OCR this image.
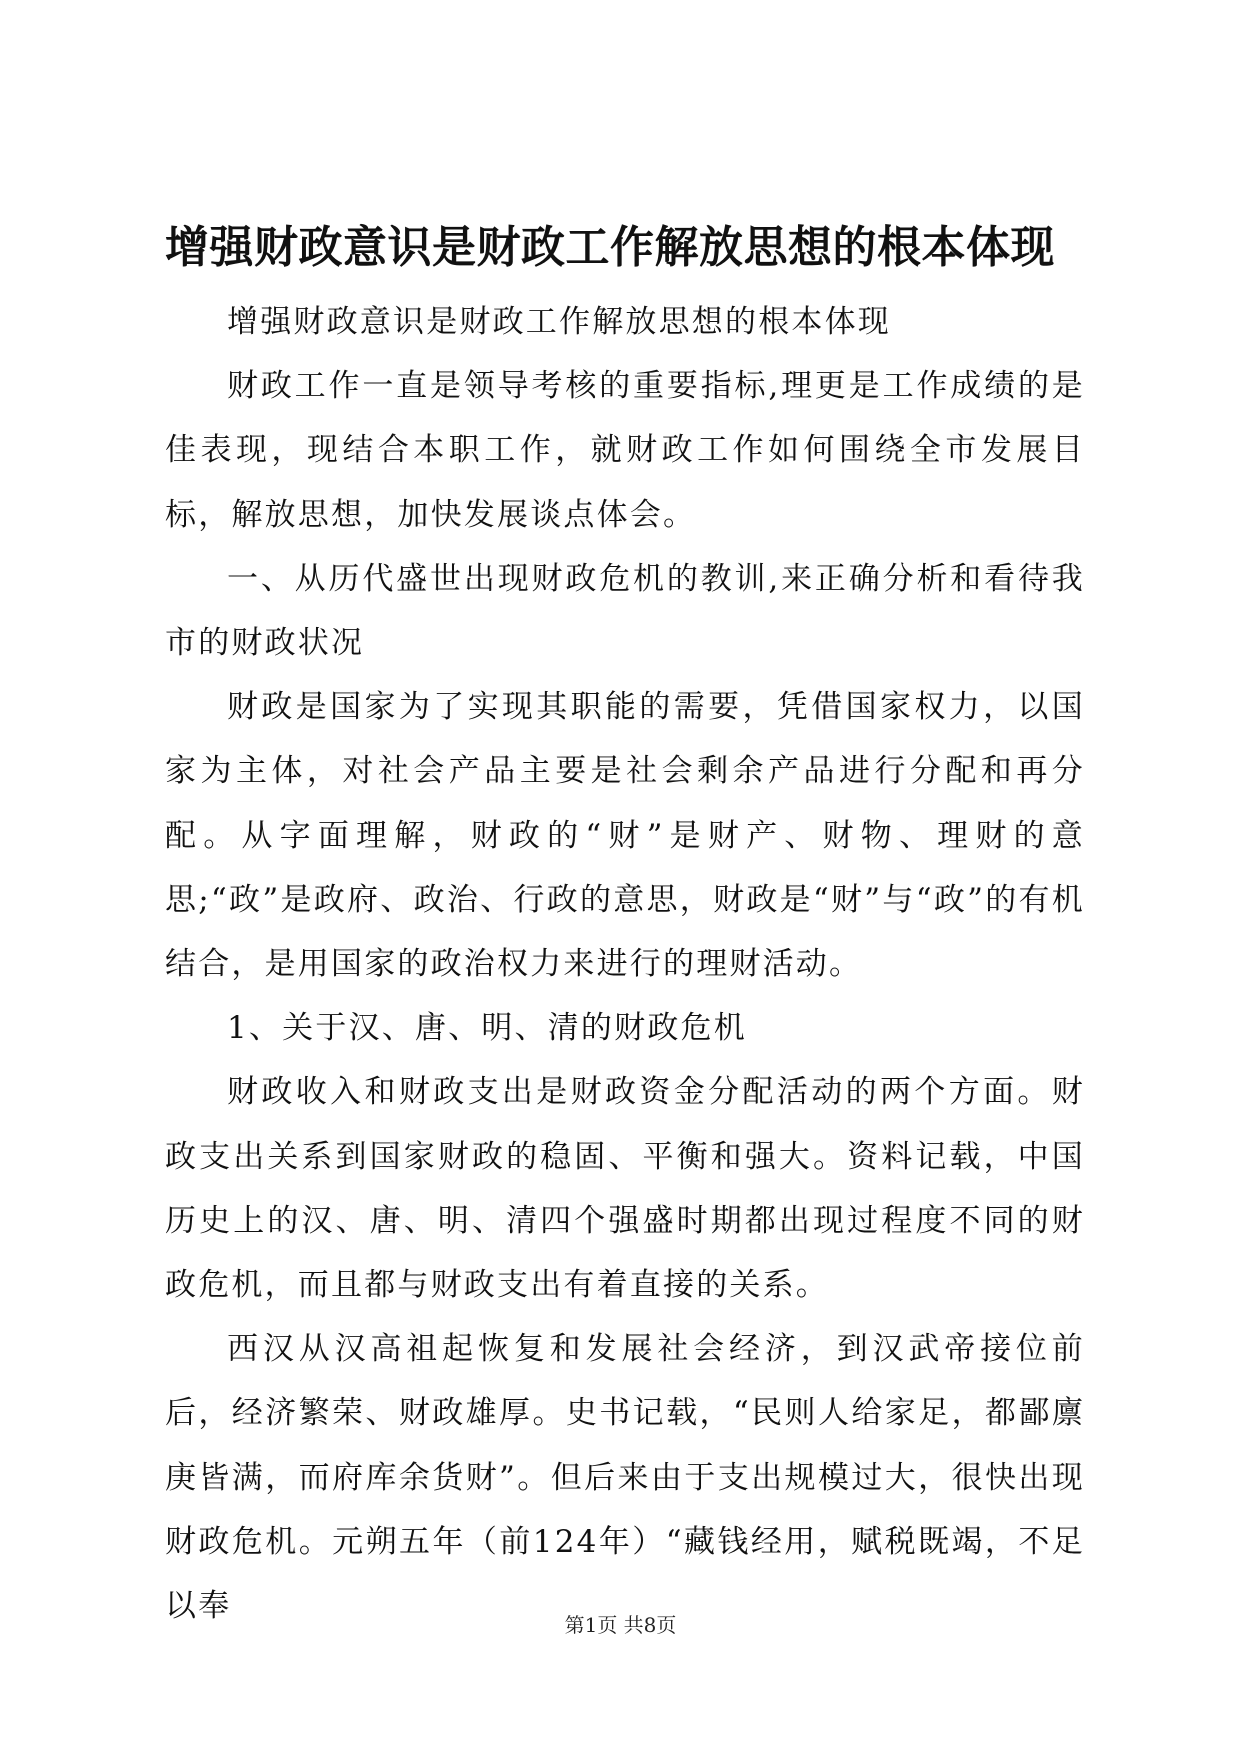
增强财政意识是财政工作解放思想的根本体现

增强财政意识是财政工作解放思想的根本体现

财政工作一直是领导考核的重要指标,理更是工作成绩的是佳表现，现结合本职工作，就财政工作如何围绕全市发展目标，解放思想，加快发展谈点体会。

一、从历代盛世出现财政危机的教训,来正确分析和看待我市的财政状况

财政是国家为了实现其职能的需要，凭借国家权力，以国家为主体，对社会产品主要是社会剩余产品进行分配和再分配。从字面理解，财政的“财”是财产、财物、理财的意思;“政”是政府、政治、行政的意思，财政是“财”与“政”的有机结合，是用国家的政治权力来进行的理财活动。

1、关于汉、唐、明、清的财政危机

财政收入和财政支出是财政资金分配活动的两个方面。财政支出关系到国家财政的稳固、平衡和强大。资料记载，中国历史上的汉、唐、明、清四个强盛时期都出现过程度不同的财政危机，而且都与财政支出有着直接的关系。

西汉从汉高祖起恢复和发展社会经济，到汉武帝接位前后，经济繁荣、财政雄厚。史书记载，“民则人给家足，都鄙廪庚皆满，而府库余货财”。但后来由于支出规模过大，很快出现财政危机。元朔五年（前124年）“藏钱经用，赋税既竭，不足以奉

第1页 共8页
